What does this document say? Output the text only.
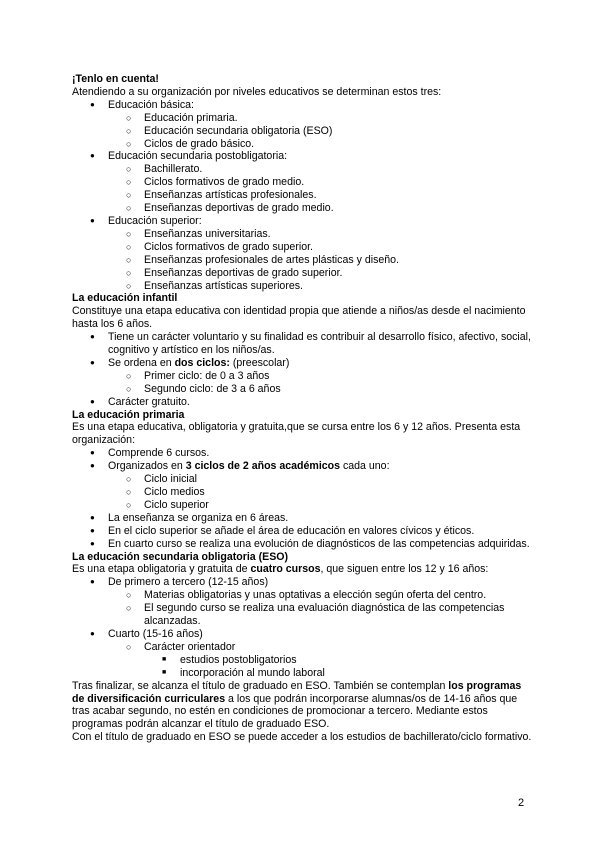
¡Tenlo en cuenta!

Atendiendo a su organización por niveles educativos se determinan estos tres:

● Educación básica:
○ Educación primaria.
○ Educación secundaria obligatoria (ESO)
○ Ciclos de grado básico.
● Educación secundaria postobligatoria:
○ Bachillerato.
○ Ciclos formativos de grado medio.
○ Enseñanzas artísticas profesionales.
○ Enseñanzas deportivas de grado medio.
● Educación superior:
○ Enseñanzas universitarias.
○ Ciclos formativos de grado superior.
○ Enseñanzas profesionales de artes plásticas y diseño.
○ Enseñanzas deportivas de grado superior.
○ Enseñanzas artísticas superiores.

La educación infantil

Constituye una etapa educativa con identidad propia que atiende a niños/as desde el nacimiento hasta los 6 años.

● Tiene un carácter voluntario y su finalidad es contribuir al desarrollo físico, afectivo, social, cognitivo y artístico en los niños/as.
● Se ordena en dos ciclos: (preescolar)
○ Primer ciclo: de 0 a 3 años
○ Segundo ciclo: de 3 a 6 años
● Carácter gratuito.

La educación primaria

Es una etapa educativa, obligatoria y gratuita,que se cursa entre los 6 y 12 años. Presenta esta organización:

● Comprende 6 cursos.
● Organizados en 3 ciclos de 2 años académicos cada uno:
○ Ciclo inicial
○ Ciclo medios
○ Ciclo superior
● La enseñanza se organiza en 6 áreas.
● En el ciclo superior se añade el área de educación en valores cívicos y éticos.
● En cuarto curso se realiza una evolución de diagnósticos de las competencias adquiridas.

La educación secundaria obligatoria (ESO)

Es una etapa obligatoria y gratuita de cuatro cursos, que siguen entre los 12 y 16 años:

● De primero a tercero (12-15 años)
○ Materias obligatorias y unas optativas a elección según oferta del centro.
○ El segundo curso se realiza una evaluación diagnóstica de las competencias alcanzadas.
● Cuarto (15-16 años)
○ Carácter orientador
■ estudios postobligatorios
■ incorporación al mundo laboral

Tras finalizar, se alcanza el título de graduado en ESO. También se contemplan los programas de diversificación curriculares a los que podrán incorporarse alumnas/os de 14-16 años que tras acabar segundo, no estén en condiciones de promocionar a tercero. Mediante estos programas podrán alcanzar el título de graduado ESO.

Con el título de graduado en ESO se puede acceder a los estudios de bachillerato/ciclo formativo.

2
